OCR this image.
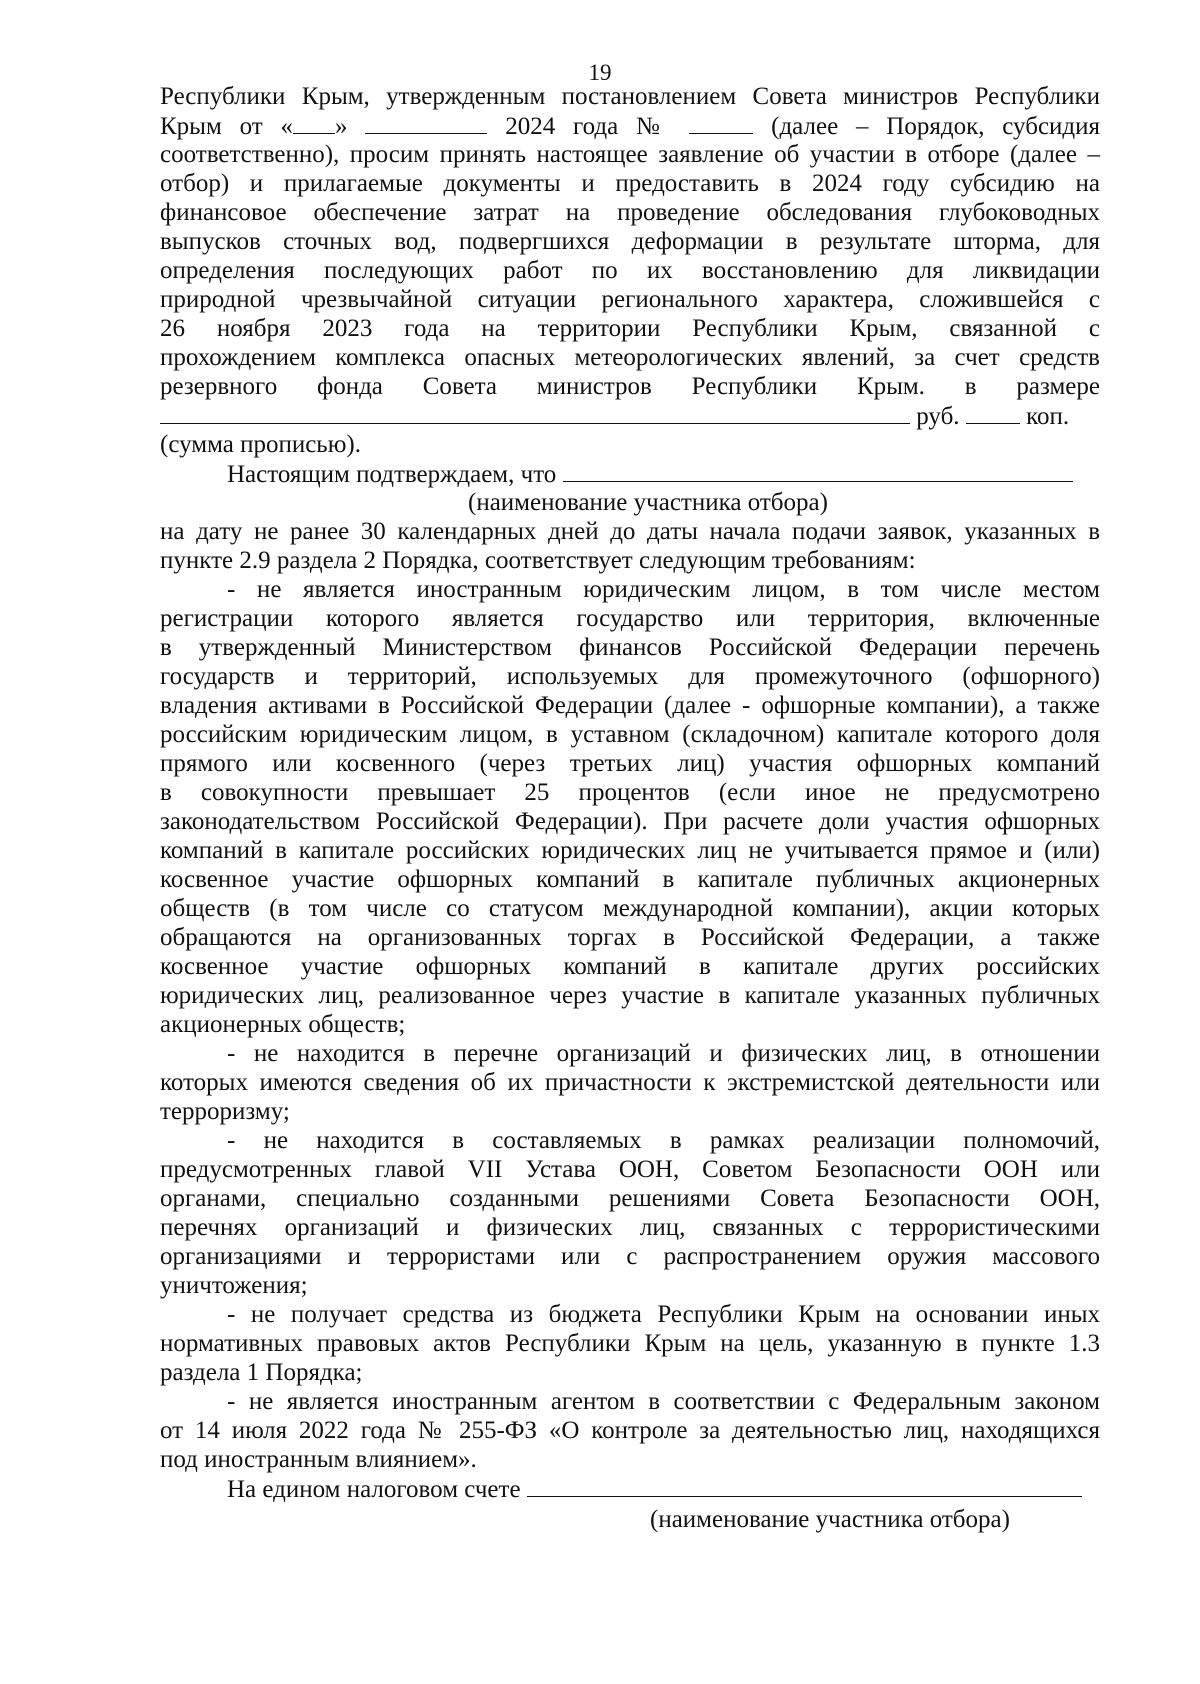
19
Республики Крым, утвержденным постановлением Совета министров Республики
Крым от « »	2024 года №	(далее – Порядок, субсидия
соответственно), просим принять настоящее заявление об участии в отборе (далее –
отбор) и прилагаемые документы и предоставить в 2024 году субсидию на
финансовое обеспечение затрат на проведение обследования глубоководных
выпусков сточных вод, подвергшихся деформации в результате шторма, для
определения последующих работ по их восстановлению для ликвидации
природной чрезвычайной ситуации регионального характера, сложившейся с
26 ноября 2023 года на территории Республики Крым, связанной с
прохождением комплекса опасных метеорологических явлений, за счет средств
резервного фонда Совета министров Республики Крым. в размере
руб.	коп.
(сумма прописью).
Настоящим подтверждаем, что
(наименование участника отбора)
на дату не ранее 30 календарных дней до даты начала подачи заявок, указанных в
пункте 2.9 раздела 2 Порядка, соответствует следующим требованиям:
- не является иностранным юридическим лицом, в том числе местом
регистрации которого является государство или территория, включенные
в утвержденный Министерством финансов Российской Федерации перечень
государств и территорий, используемых для промежуточного (офшорного)
владения активами в Российской Федерации (далее - офшорные компании), а также
российским юридическим лицом, в уставном (складочном) капитале которого доля
прямого или косвенного (через третьих лиц) участия офшорных компаний
в совокупности превышает 25 процентов (если иное не предусмотрено
законодательством Российской Федерации). При расчете доли участия офшорных
компаний в капитале российских юридических лиц не учитывается прямое и (или)
косвенное участие офшорных компаний в капитале публичных акционерных
обществ (в том числе со статусом международной компании), акции которых
обращаются на организованных торгах в Российской Федерации, а также
косвенное участие офшорных компаний в капитале других российских
юридических лиц, реализованное через участие в капитале указанных публичных
акционерных обществ;
- не находится в перечне организаций и физических лиц, в отношении
которых имеются сведения об их причастности к экстремистской деятельности или
терроризму;
- не находится в составляемых в рамках реализации полномочий,
предусмотренных главой VII Устава ООН, Советом Безопасности ООН или
органами, специально созданными решениями Совета Безопасности ООН,
перечнях организаций и физических лиц, связанных с террористическими
организациями и террористами или с распространением оружия массового
уничтожения;
- не получает средства из бюджета Республики Крым на основании иных
нормативных правовых актов Республики Крым на цель, указанную в пункте 1.3
раздела 1 Порядка;
- не является иностранным агентом в соответствии с Федеральным законом
от 14 июля 2022 года № 255-ФЗ «О контроле за деятельностью лиц, находящихся
под иностранным влиянием».
На едином налоговом счете
(наименование участника отбора)
